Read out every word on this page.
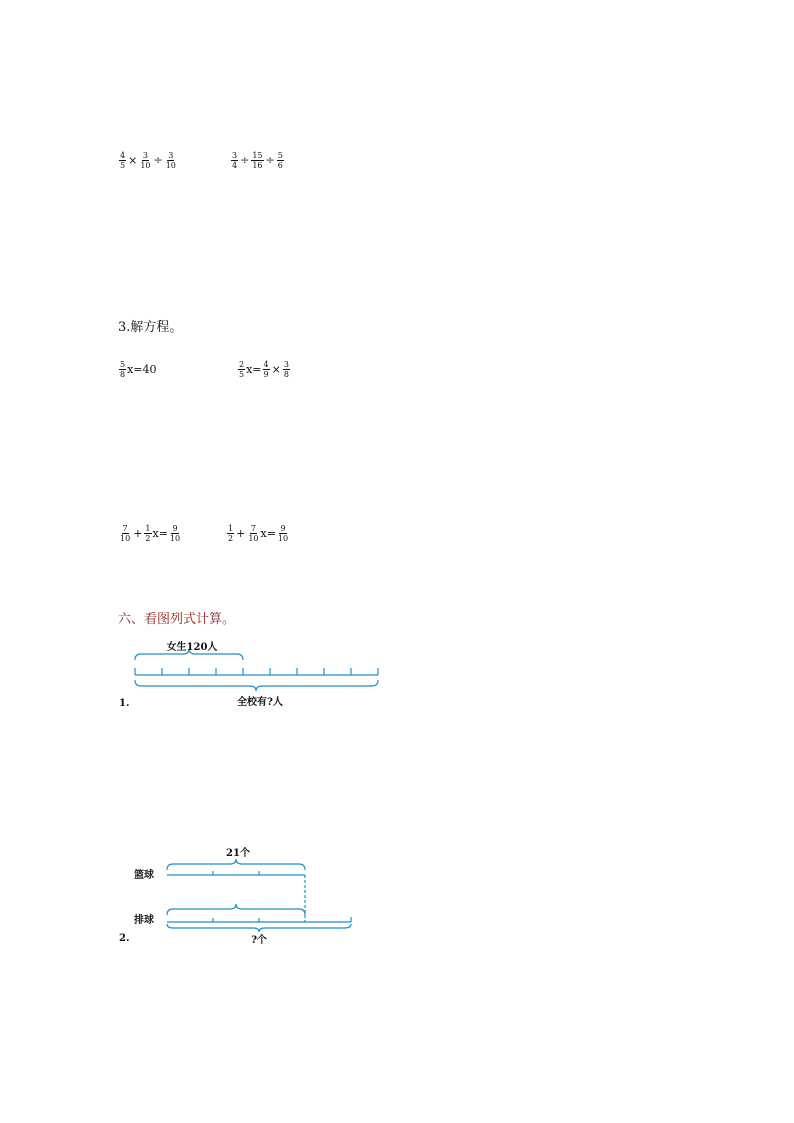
$\frac{4}{5} \times \frac{3}{10} \div \frac{3}{10}$	$\frac{3}{4} \div \frac{15}{16} \div \frac{5}{6}$
3.解方程。
$\frac{5}{8} x=40$	$\frac{2}{5} x= \frac{4}{9} \times \frac{3}{8}$
$\frac{7}{10} + \frac{1}{2} x= \frac{9}{10}$	$\frac{1}{2} + \frac{7}{10} x= \frac{9}{10}$
六、看图列式计算。
女生120人
全校有?人
1.
21个
篮球
排球
?个
2.
